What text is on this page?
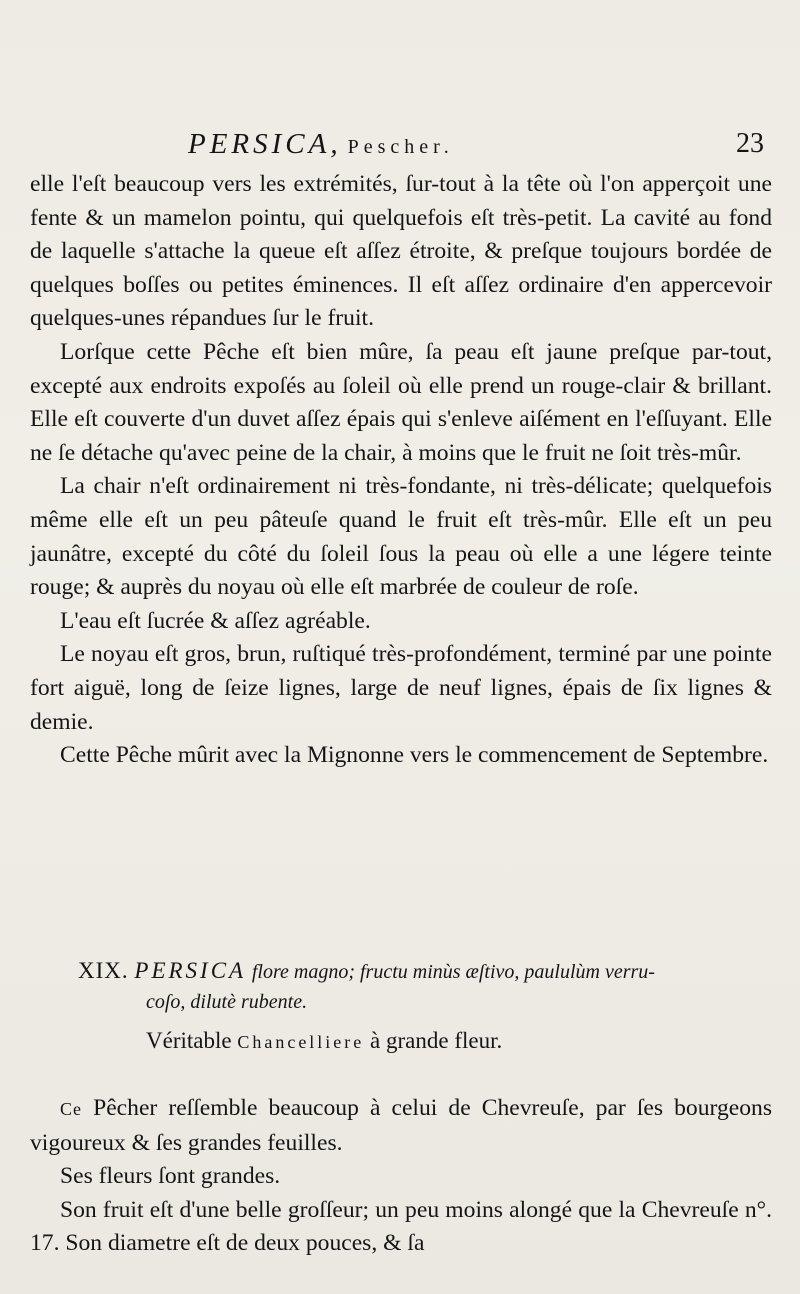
PERSICA, Pescher.	23

elle l'eſt beaucoup vers les extrémités, ſur-tout à la tête où l'on apperçoit une fente & un mamelon pointu, qui quelquefois eſt très-petit. La cavité au fond de laquelle s'attache la queue eſt aſſez étroite, & preſque toujours bordée de quelques boſſes ou petites éminences. Il eſt aſſez ordinaire d'en appercevoir quelques-unes répandues ſur le fruit.

Lorſque cette Pêche eſt bien mûre, ſa peau eſt jaune preſque par-tout, excepté aux endroits expoſés au ſoleil où elle prend un rouge-clair & brillant. Elle eſt couverte d'un duvet aſſez épais qui s'enleve aiſément en l'eſſuyant. Elle ne ſe détache qu'avec peine de la chair, à moins que le fruit ne ſoit très-mûr.

La chair n'eſt ordinairement ni très-fondante, ni très-délicate; quelquefois même elle eſt un peu pâteuſe quand le fruit eſt très-mûr. Elle eſt un peu jaunâtre, excepté du côté du ſoleil ſous la peau où elle a une légere teinte rouge; & auprès du noyau où elle eſt marbrée de couleur de roſe.

L'eau eſt ſucrée & aſſez agréable.

Le noyau eſt gros, brun, ruſtiqué très-profondément, terminé par une pointe fort aiguë, long de ſeize lignes, large de neuf lignes, épais de ſix lignes & demie.

Cette Pêche mûrit avec la Mignonne vers le commencement de Septembre.

XIX. PERSICA flore magno; fructu minùs æſtivo, paululùm verru-
coſo, dilutè rubente.
Véritable Chancelliere à grande fleur.

Ce Pêcher reſſemble beaucoup à celui de Chevreuſe, par ſes bourgeons vigoureux & ſes grandes feuilles.

Ses fleurs ſont grandes.

Son fruit eſt d'une belle groſſeur; un peu moins alongé que la Chevreuſe n°. 17. Son diametre eſt de deux pouces, & ſa
